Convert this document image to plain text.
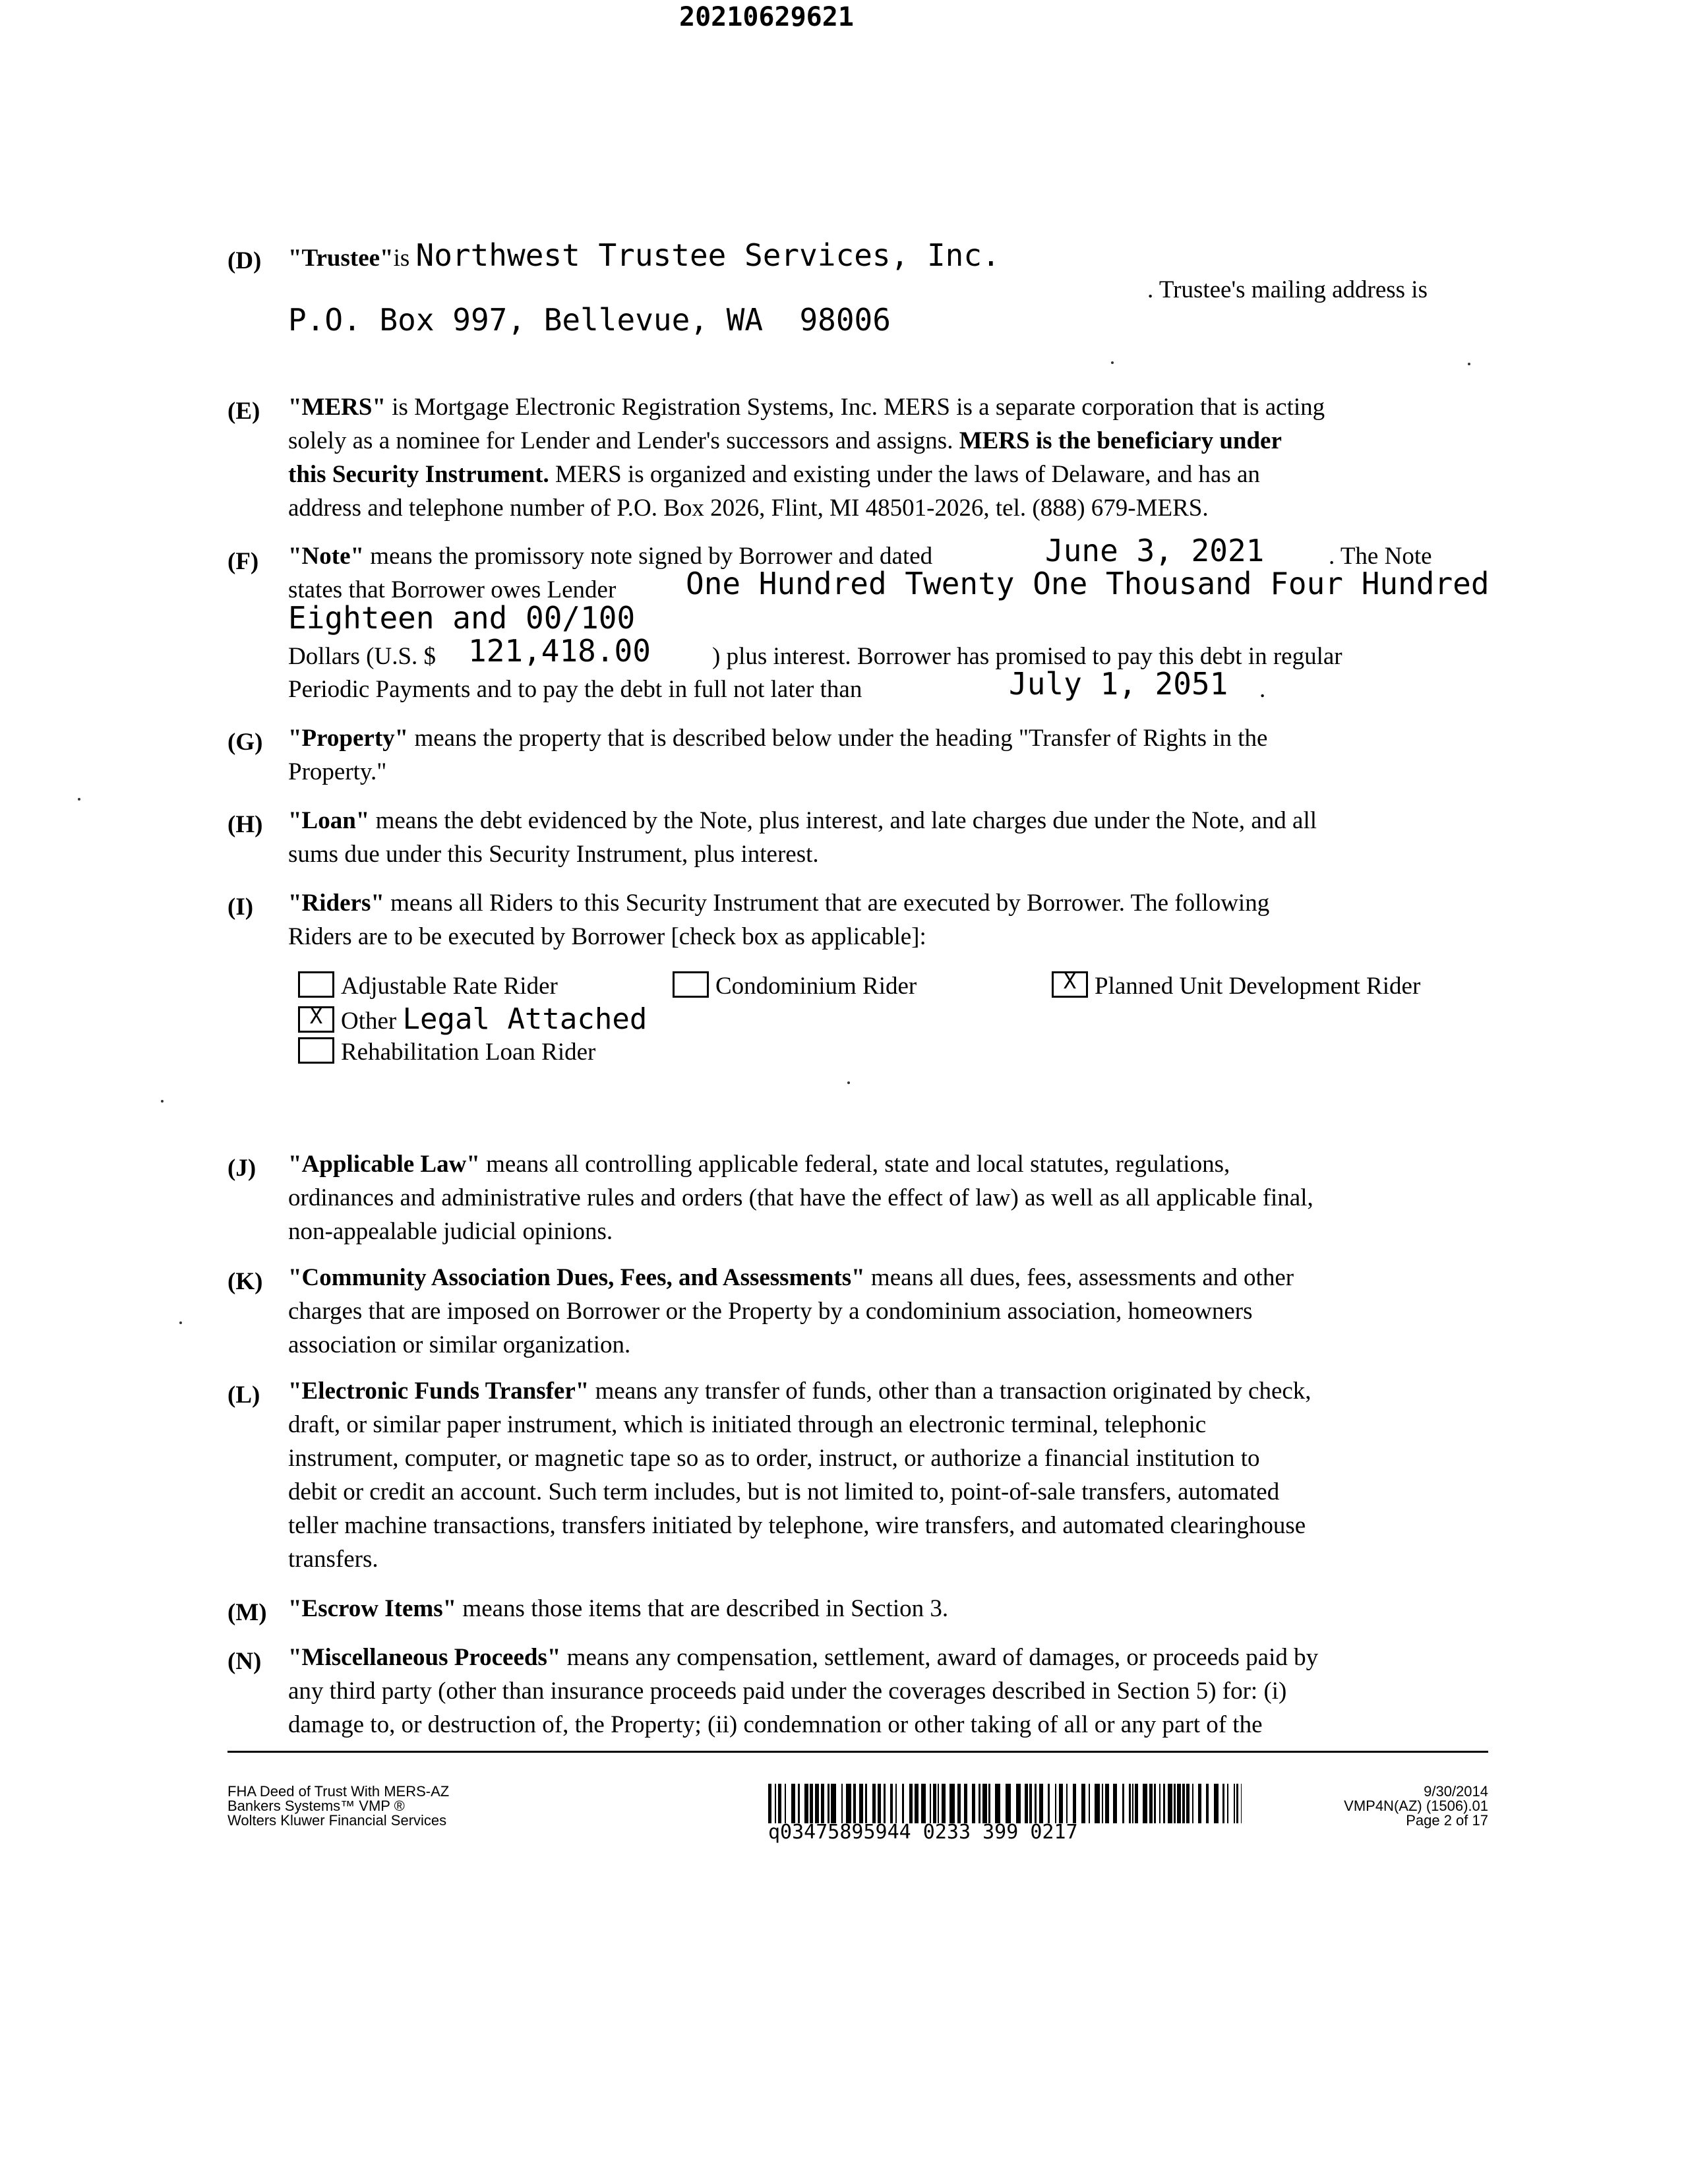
20210629621
(D) "Trustee"is Northwest Trustee Services, Inc.
. Trustee's mailing address is
P.O. Box 997, Bellevue, WA  98006
(E) "MERS" is Mortgage Electronic Registration Systems, Inc. MERS is a separate corporation that is acting
solely as a nominee for Lender and Lender's successors and assigns. MERS is the beneficiary under
this Security Instrument. MERS is organized and existing under the laws of Delaware, and has an
address and telephone number of P.O. Box 2026, Flint, MI 48501-2026, tel. (888) 679-MERS.
(F) "Note" means the promissory note signed by Borrower and dated	June 3, 2021	. The Note
states that Borrower owes Lender One Hundred Twenty One Thousand Four Hundred
Eighteen and 00/100
Dollars (U.S. $ 121,418.00	) plus interest. Borrower has promised to pay this debt in regular
Periodic Payments and to pay the debt in full not later than	July 1, 2051 .
(G) "Property" means the property that is described below under the heading "Transfer of Rights in the
Property."
(H) "Loan" means the debt evidenced by the Note, plus interest, and late charges due under the Note, and all
sums due under this Security Instrument, plus interest.
(I) "Riders" means all Riders to this Security Instrument that are executed by Borrower. The following
Riders are to be executed by Borrower [check box as applicable]:
Adjustable Rate Rider	Condominium Rider	X Planned Unit Development Rider
X Other Legal Attached
Rehabilitation Loan Rider
(J) "Applicable Law" means all controlling applicable federal, state and local statutes, regulations,
ordinances and administrative rules and orders (that have the effect of law) as well as all applicable final,
non-appealable judicial opinions.
(K) "Community Association Dues, Fees, and Assessments" means all dues, fees, assessments and other
charges that are imposed on Borrower or the Property by a condominium association, homeowners
association or similar organization.
(L) "Electronic Funds Transfer" means any transfer of funds, other than a transaction originated by check,
draft, or similar paper instrument, which is initiated through an electronic terminal, telephonic
instrument, computer, or magnetic tape so as to order, instruct, or authorize a financial institution to
debit or credit an account. Such term includes, but is not limited to, point-of-sale transfers, automated
teller machine transactions, transfers initiated by telephone, wire transfers, and automated clearinghouse
transfers.
(M) "Escrow Items" means those items that are described in Section 3.
(N) "Miscellaneous Proceeds" means any compensation, settlement, award of damages, or proceeds paid by
any third party (other than insurance proceeds paid under the coverages described in Section 5) for: (i)
damage to, or destruction of, the Property; (ii) condemnation or other taking of all or any part of the
FHA Deed of Trust With MERS-AZ
Bankers Systems™ VMP ®
Wolters Kluwer Financial Services
q03475895944 0233 399 0217
9/30/2014
VMP4N(AZ) (1506).01
Page 2 of 17
